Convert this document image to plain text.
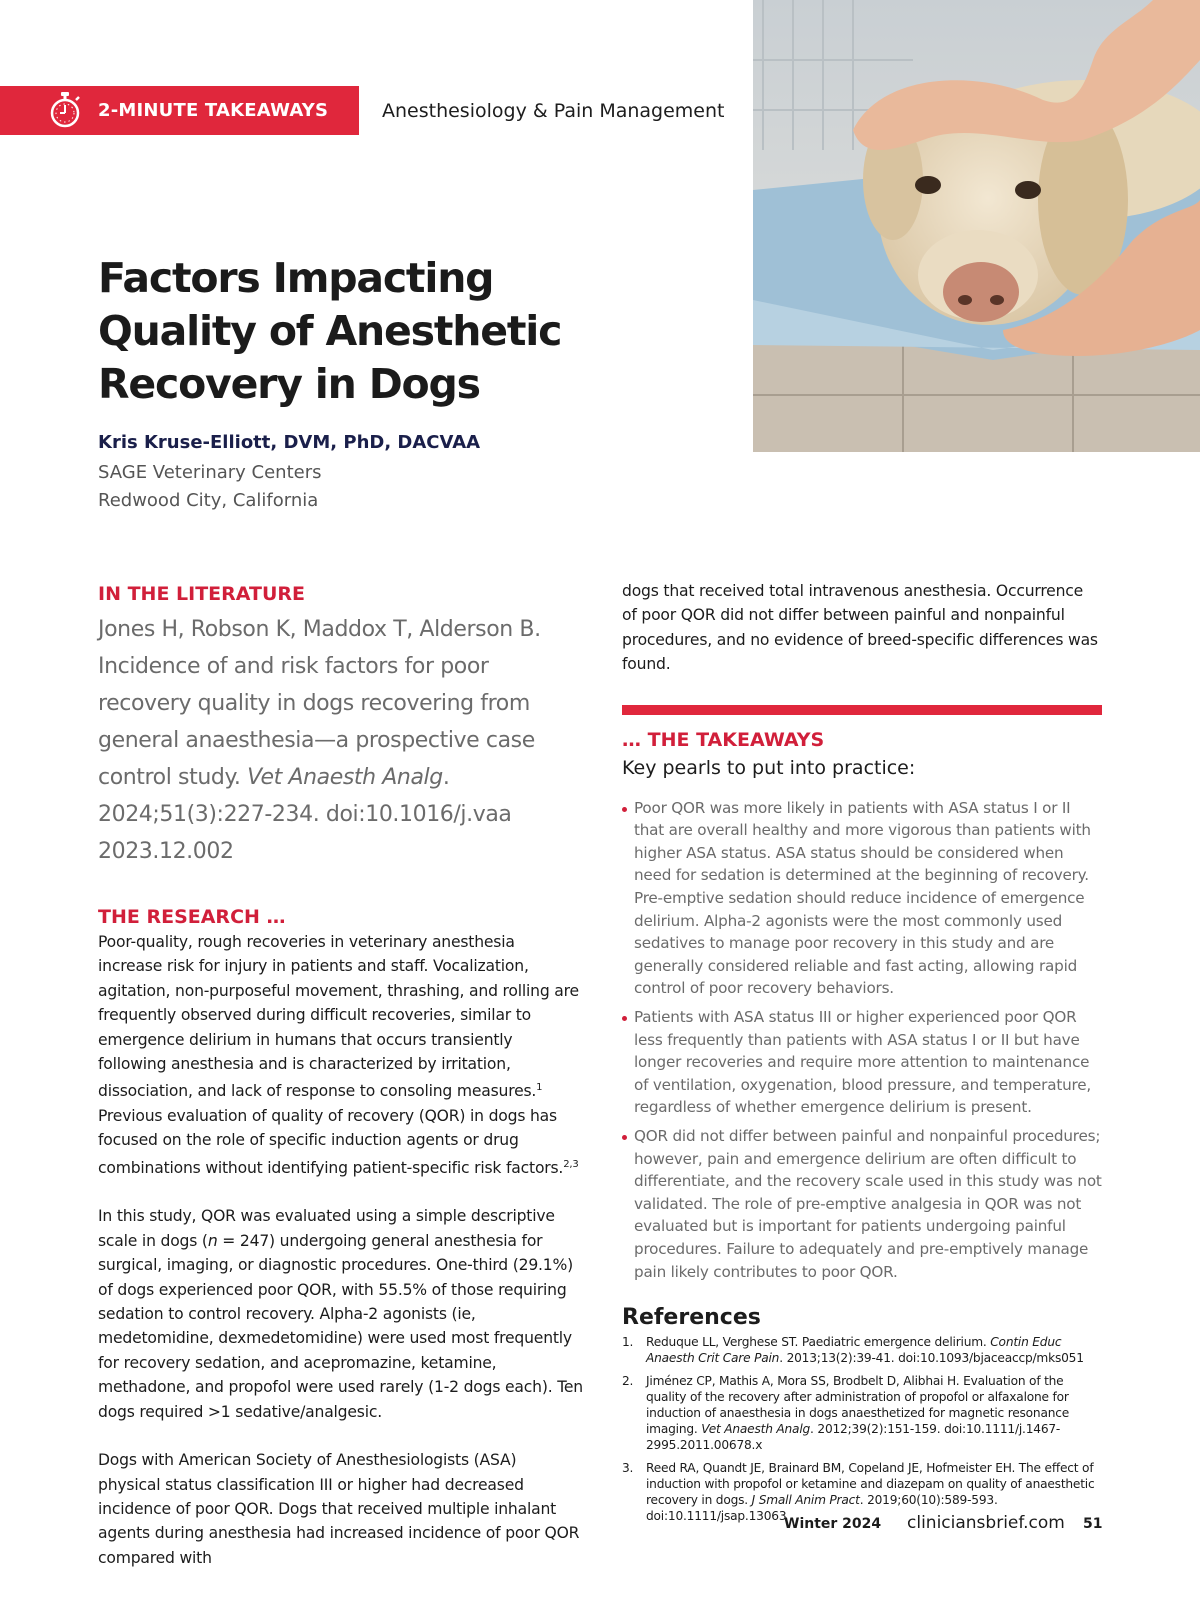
2-MINUTE TAKEAWAYS	Anesthesiology & Pain Management
Factors Impacting Quality of Anesthetic Recovery in Dogs
Kris Kruse-Elliott, DVM, PhD, DACVAA
SAGE Veterinary Centers
Redwood City, California
IN THE LITERATURE

Jones H, Robson K, Maddox T, Alderson B. Incidence of and risk factors for poor recovery quality in dogs recovering from general anaesthesia—a prospective case control study. Vet Anaesth Analg. 2024;51(3):227-234. doi:10.1016/j.vaa 2023.12.002

THE RESEARCH …

Poor-quality, rough recoveries in veterinary anesthesia increase risk for injury in patients and staff. Vocalization, agitation, non-purposeful movement, thrashing, and rolling are frequently observed during difficult recoveries, similar to emergence delirium in humans that occurs transiently following anesthesia and is characterized by irritation, dissociation, and lack of response to consoling measures.$^1$ Previous evaluation of quality of recovery (QOR) in dogs has focused on the role of specific induction agents or drug combinations without identifying patient-specific risk factors.$^{2,3}$

In this study, QOR was evaluated using a simple descriptive scale in dogs (n = 247) undergoing general anesthesia for surgical, imaging, or diagnostic procedures. One-third (29.1%) of dogs experienced poor QOR, with 55.5% of those requiring sedation to control recovery. Alpha-2 agonists (ie, medetomidine, dexmedetomidine) were used most frequently for recovery sedation, and acepromazine, ketamine, methadone, and propofol were used rarely (1-2 dogs each). Ten dogs required >1 sedative/analgesic.

Dogs with American Society of Anesthesiologists (ASA) physical status classification III or higher had decreased incidence of poor QOR. Dogs that received multiple inhalant agents during anesthesia had increased incidence of poor QOR compared with

dogs that received total intravenous anesthesia. Occurrence of poor QOR did not differ between painful and nonpainful procedures, and no evidence of breed-specific differences was found.

… THE TAKEAWAYS
Key pearls to put into practice:
Poor QOR was more likely in patients with ASA status I or II that are overall healthy and more vigorous than patients with higher ASA status. ASA status should be considered when need for sedation is determined at the beginning of recovery. Pre-emptive sedation should reduce incidence of emergence delirium. Alpha-2 agonists were the most commonly used sedatives to manage poor recovery in this study and are generally considered reliable and fast acting, allowing rapid control of poor recovery behaviors.
Patients with ASA status III or higher experienced poor QOR less frequently than patients with ASA status I or II but have longer recoveries and require more attention to maintenance of ventilation, oxygenation, blood pressure, and temperature, regardless of whether emergence delirium is present.
QOR did not differ between painful and nonpainful procedures; however, pain and emergence delirium are often difficult to differentiate, and the recovery scale used in this study was not validated. The role of pre-emptive analgesia in QOR was not evaluated but is important for patients undergoing painful procedures. Failure to adequately and pre-emptively manage pain likely contributes to poor QOR.
References
1.	Reduque LL, Verghese ST. Paediatric emergence delirium. Contin Educ Anaesth Crit Care Pain. 2013;13(2):39-41. doi:10.1093/bjaceaccp/mks051
2.	Jiménez CP, Mathis A, Mora SS, Brodbelt D, Alibhai H. Evaluation of the quality of the recovery after administration of propofol or alfaxalone for induction of anaesthesia in dogs anaesthetized for magnetic resonance imaging. Vet Anaesth Analg. 2012;39(2):151-159. doi:10.1111/j.1467-2995.2011.00678.x
3.	Reed RA, Quandt JE, Brainard BM, Copeland JE, Hofmeister EH. The effect of induction with propofol or ketamine and diazepam on quality of anaesthetic recovery in dogs. J Small Anim Pract. 2019;60(10):589-593. doi:10.1111/jsap.13063
Winter 2024 cliniciansbrief.com 51
